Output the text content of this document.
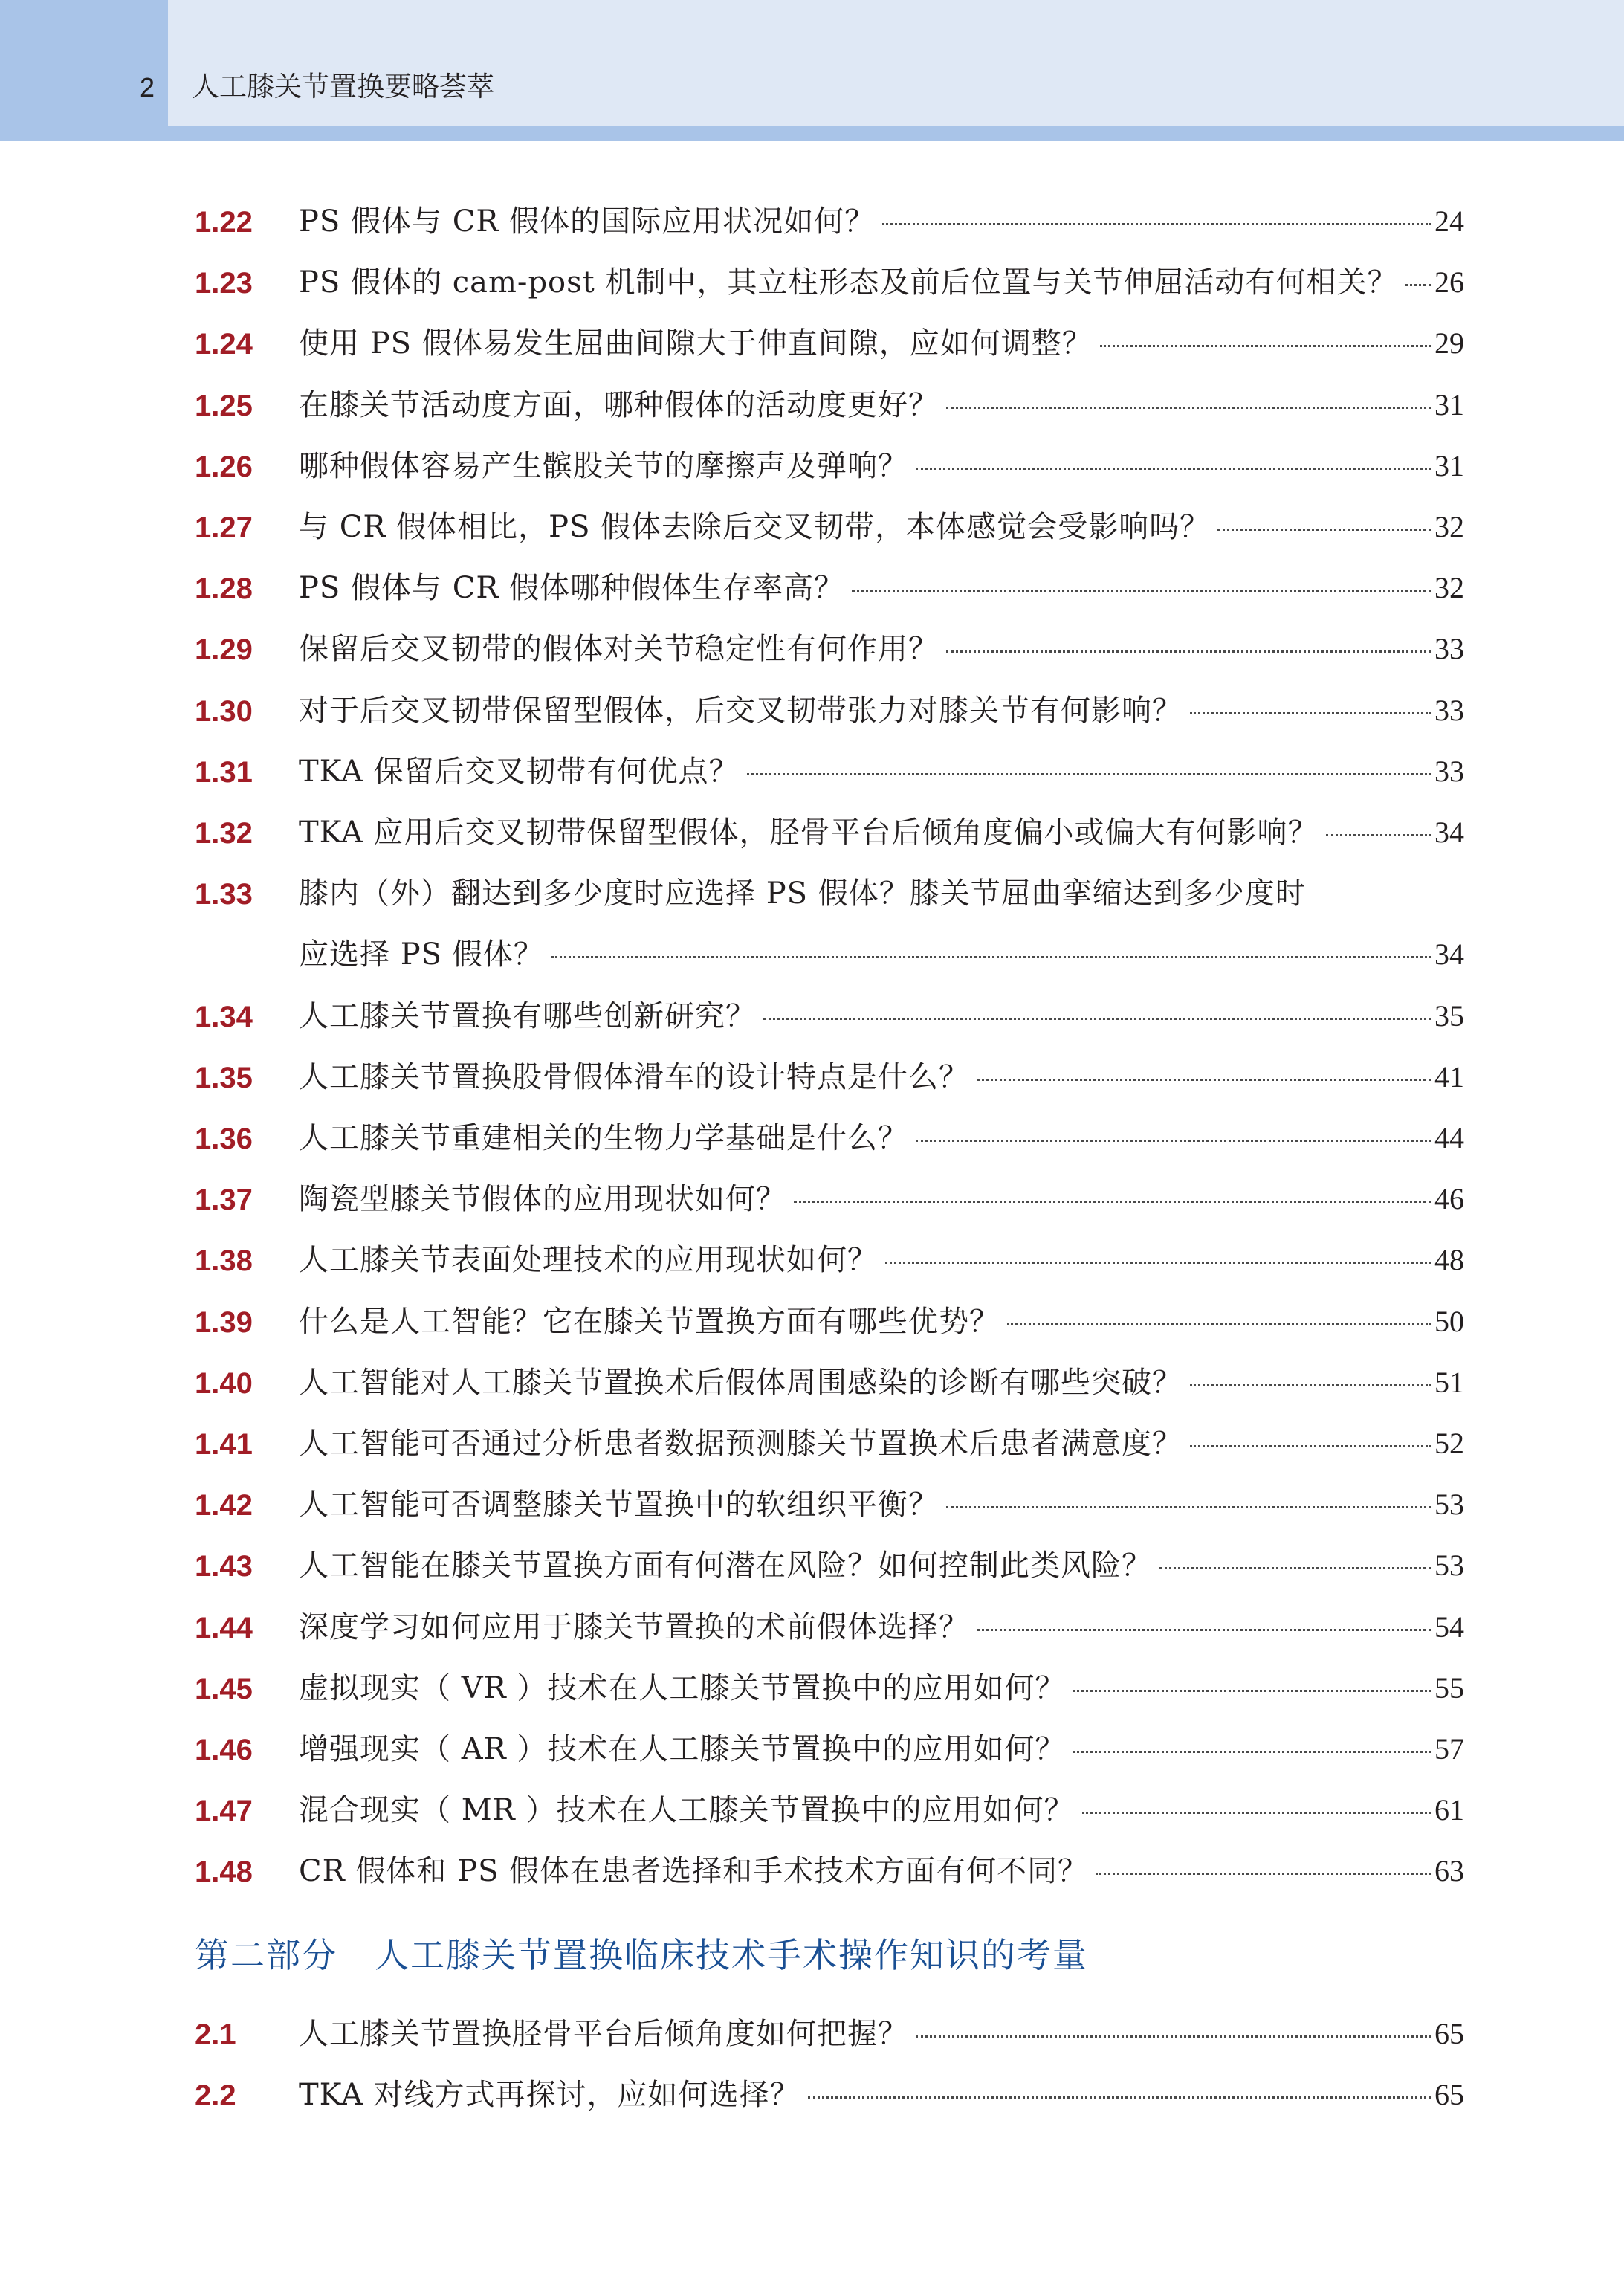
2 人工膝关节置换要略荟萃
1.22 PS 假体与 CR 假体的国际应用状况如何？	24
1.23 PS 假体的 cam-post 机制中，其立柱形态及前后位置与关节伸屈活动有何相关？ 26
1.24 使用 PS 假体易发生屈曲间隙大于伸直间隙，应如何调整？	29
1.25 在膝关节活动度方面，哪种假体的活动度更好？	31
1.26 哪种假体容易产生髌股关节的摩擦声及弹响？	31
1.27 与 CR 假体相比，PS 假体去除后交叉韧带，本体感觉会受影响吗？	32
1.28 PS 假体与 CR 假体哪种假体生存率高？	32
1.29 保留后交叉韧带的假体对关节稳定性有何作用？	33
1.30 对于后交叉韧带保留型假体，后交叉韧带张力对膝关节有何影响？	33
1.31 TKA 保留后交叉韧带有何优点？	33
1.32 TKA 应用后交叉韧带保留型假体，胫骨平台后倾角度偏小或偏大有何影响？	34
1.33 膝内（外）翻达到多少度时应选择 PS 假体？膝关节屈曲挛缩达到多少度时
应选择 PS 假体？	34
1.34 人工膝关节置换有哪些创新研究？	35
1.35 人工膝关节置换股骨假体滑车的设计特点是什么？	41
1.36 人工膝关节重建相关的生物力学基础是什么？	44
1.37 陶瓷型膝关节假体的应用现状如何？	46
1.38 人工膝关节表面处理技术的应用现状如何？	48
1.39 什么是人工智能？它在膝关节置换方面有哪些优势？	50
1.40 人工智能对人工膝关节置换术后假体周围感染的诊断有哪些突破？	51
1.41 人工智能可否通过分析患者数据预测膝关节置换术后患者满意度？	52
1.42 人工智能可否调整膝关节置换中的软组织平衡？	53
1.43 人工智能在膝关节置换方面有何潜在风险？如何控制此类风险？	53
1.44 深度学习如何应用于膝关节置换的术前假体选择？	54
1.45 虚拟现实（ VR ）技术在人工膝关节置换中的应用如何？	55
1.46 增强现实（ AR ）技术在人工膝关节置换中的应用如何？	57
1.47 混合现实（ MR ）技术在人工膝关节置换中的应用如何？	61
1.48 CR 假体和 PS 假体在患者选择和手术技术方面有何不同？	63
2.1 人工膝关节置换胫骨平台后倾角度如何把握？	65
2.2 TKA 对线方式再探讨，应如何选择？	65
第二部分 人工膝关节置换临床技术手术操作知识的考量
